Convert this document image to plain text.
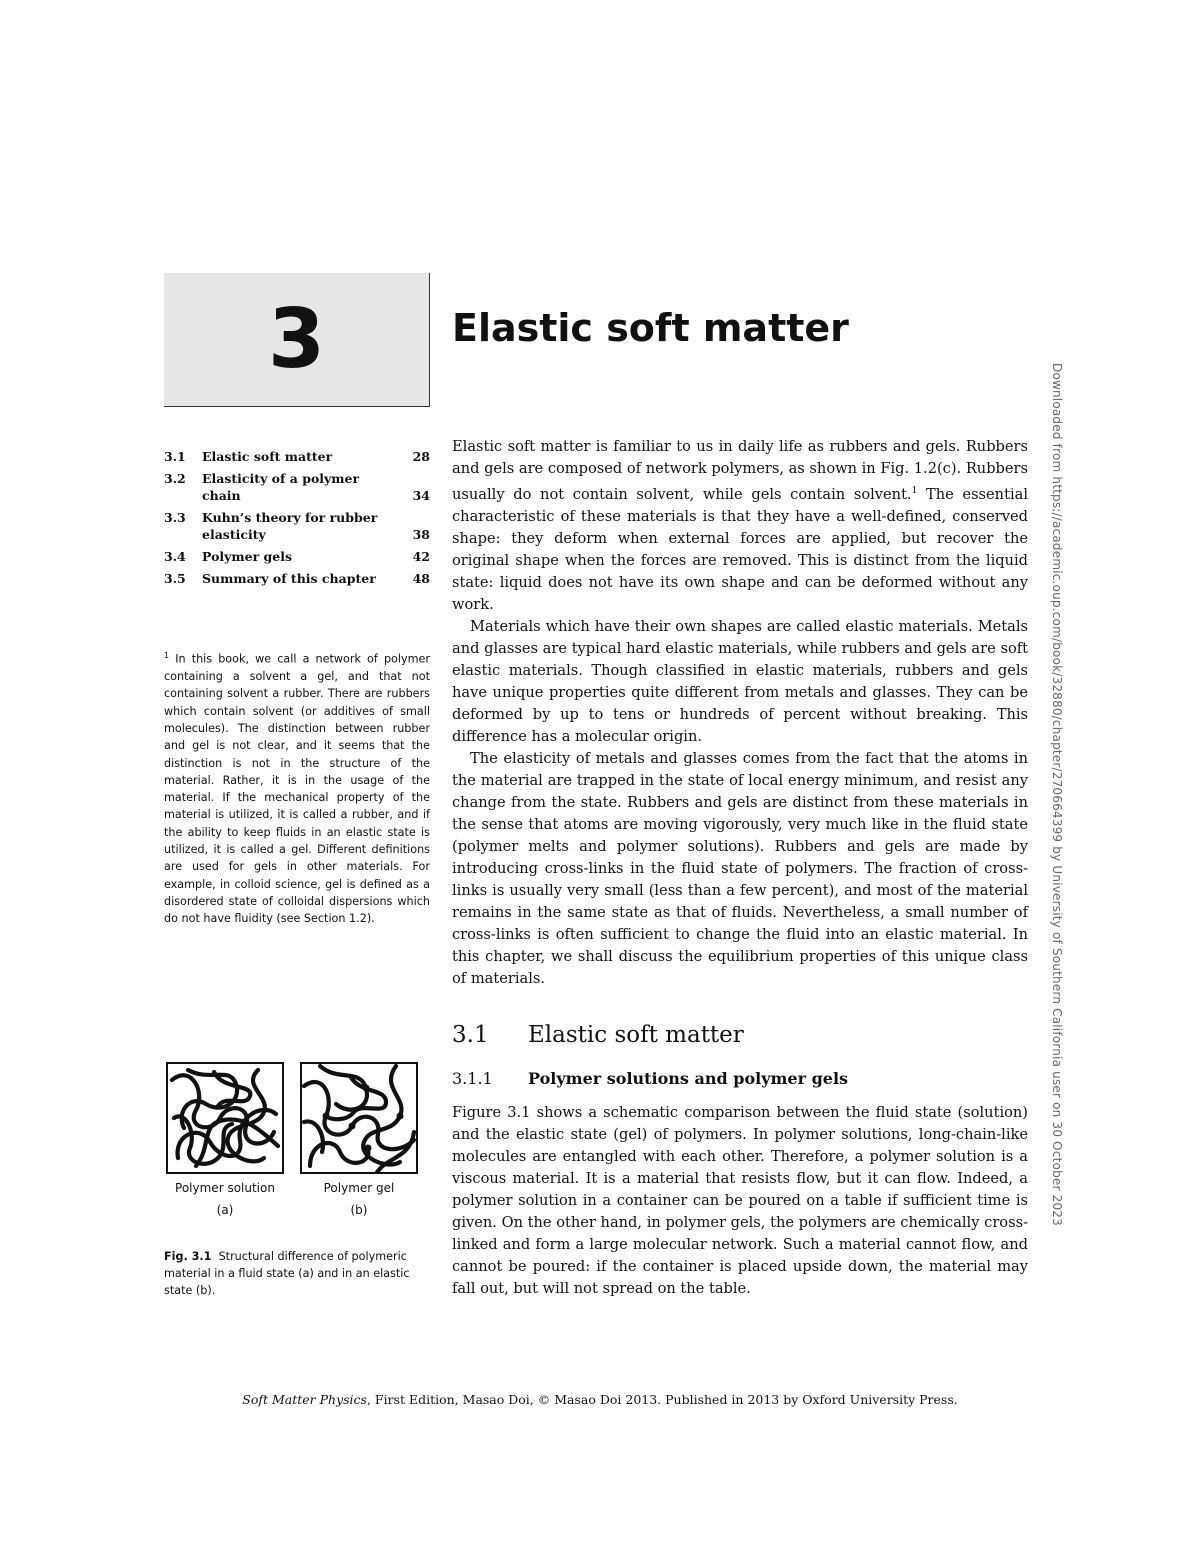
3	Elastic soft matter
3.1 Elastic soft matter	28
3.2 Elasticity of a polymer chain	34
3.3 Kuhn’s theory for rubber elasticity	38
3.4 Polymer gels	42
3.5 Summary of this chapter	48

$^1$ In this book, we call a network of polymer containing a solvent a gel, and that not containing solvent a rubber. There are rubbers which contain solvent (or additives of small molecules). The distinction between rubber and gel is not clear, and it seems that the distinction is not in the structure of the material. Rather, it is in the usage of the material. If the mechanical property of the material is utilized, it is called a rubber, and if the ability to keep fluids in an elastic state is utilized, it is called a gel. Different definitions are used for gels in other materials. For example, in colloid science, gel is defined as a disordered state of colloidal dispersions which do not have fluidity (see Section 1.2).

Polymer solution
(a)
Polymer gel
(b)

Fig. 3.1 Structural difference of polymeric material in a fluid state (a) and in an elastic state (b).

Elastic soft matter is familiar to us in daily life as rubbers and gels. Rubbers and gels are composed of network polymers, as shown in Fig. 1.2(c). Rubbers usually do not contain solvent, while gels contain solvent.$^1$ The essential characteristic of these materials is that they have a well-defined, conserved shape: they deform when external forces are applied, but recover the original shape when the forces are removed. This is distinct from the liquid state: liquid does not have its own shape and can be deformed without any work.

Materials which have their own shapes are called elastic materials. Metals and glasses are typical hard elastic materials, while rubbers and gels are soft elastic materials. Though classified in elastic materials, rubbers and gels have unique properties quite different from metals and glasses. They can be deformed by up to tens or hundreds of percent without breaking. This difference has a molecular origin.

The elasticity of metals and glasses comes from the fact that the atoms in the material are trapped in the state of local energy minimum, and resist any change from the state. Rubbers and gels are distinct from these materials in the sense that atoms are moving vigorously, very much like in the fluid state (polymer melts and polymer solutions). Rubbers and gels are made by introducing cross-links in the fluid state of polymers. The fraction of cross-links is usually very small (less than a few percent), and most of the material remains in the same state as that of fluids. Nevertheless, a small number of cross-links is often sufficient to change the fluid into an elastic material. In this chapter, we shall discuss the equilibrium properties of this unique class of materials.

3.1 Elastic soft matter
3.1.1 Polymer solutions and polymer gels

Figure 3.1 shows a schematic comparison between the fluid state (solution) and the elastic state (gel) of polymers. In polymer solutions, long-chain-like molecules are entangled with each other. Therefore, a polymer solution is a viscous material. It is a material that resists flow, but it can flow. Indeed, a polymer solution in a container can be poured on a table if sufficient time is given. On the other hand, in polymer gels, the polymers are chemically cross-linked and form a large molecular network. Such a material cannot flow, and cannot be poured: if the container is placed upside down, the material may fall out, but will not spread on the table.

Soft Matter Physics, First Edition, Masao Doi, © Masao Doi 2013. Published in 2013 by Oxford University Press.
Downloaded from https://academic.oup.com/book/32880/chapter/270664399 by University of Southern California user on 30 October 2023
